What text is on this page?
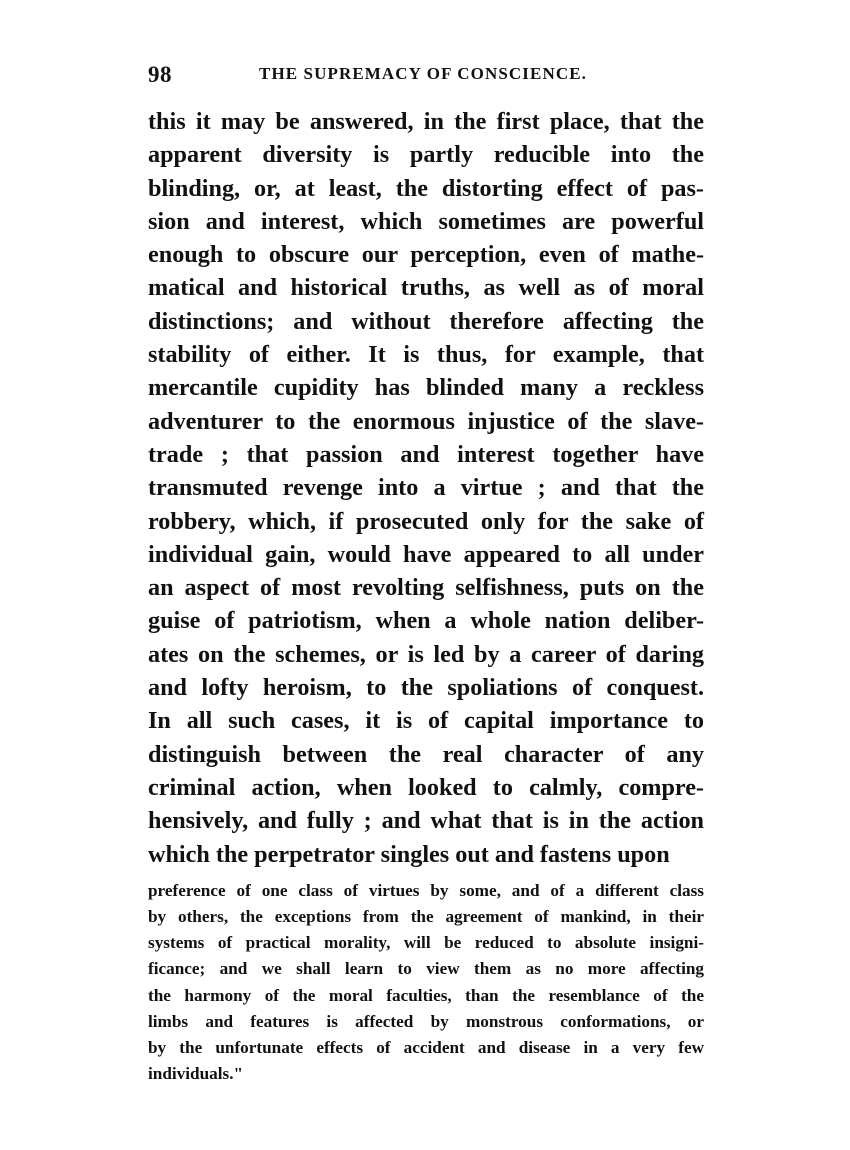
98	THE SUPREMACY OF CONSCIENCE.
this it may be answered, in the first place, that the
apparent diversity is partly reducible into the
blinding, or, at least, the distorting effect of pas-
sion and interest, which sometimes are powerful
enough to obscure our perception, even of mathe-
matical and historical truths, as well as of moral
distinctions; and without therefore affecting the
stability of either. It is thus, for example, that
mercantile cupidity has blinded many a reckless
adventurer to the enormous injustice of the slave-
trade ; that passion and interest together have
transmuted revenge into a virtue ; and that the
robbery, which, if prosecuted only for the sake of
individual gain, would have appeared to all under
an aspect of most revolting selfishness, puts on the
guise of patriotism, when a whole nation deliber-
ates on the schemes, or is led by a career of daring
and lofty heroism, to the spoliations of conquest.
In all such cases, it is of capital importance to
distinguish between the real character of any
criminal action, when looked to calmly, compre-
hensively, and fully ; and what that is in the action
which the perpetrator singles out and fastens upon
preference of one class of virtues by some, and of a different class
by others, the exceptions from the agreement of mankind, in their
systems of practical morality, will be reduced to absolute insigni-
ficance; and we shall learn to view them as no more affecting
the harmony of the moral faculties, than the resemblance of the
limbs and features is affected by monstrous conformations, or
by the unfortunate effects of accident and disease in a very few
individuals."
